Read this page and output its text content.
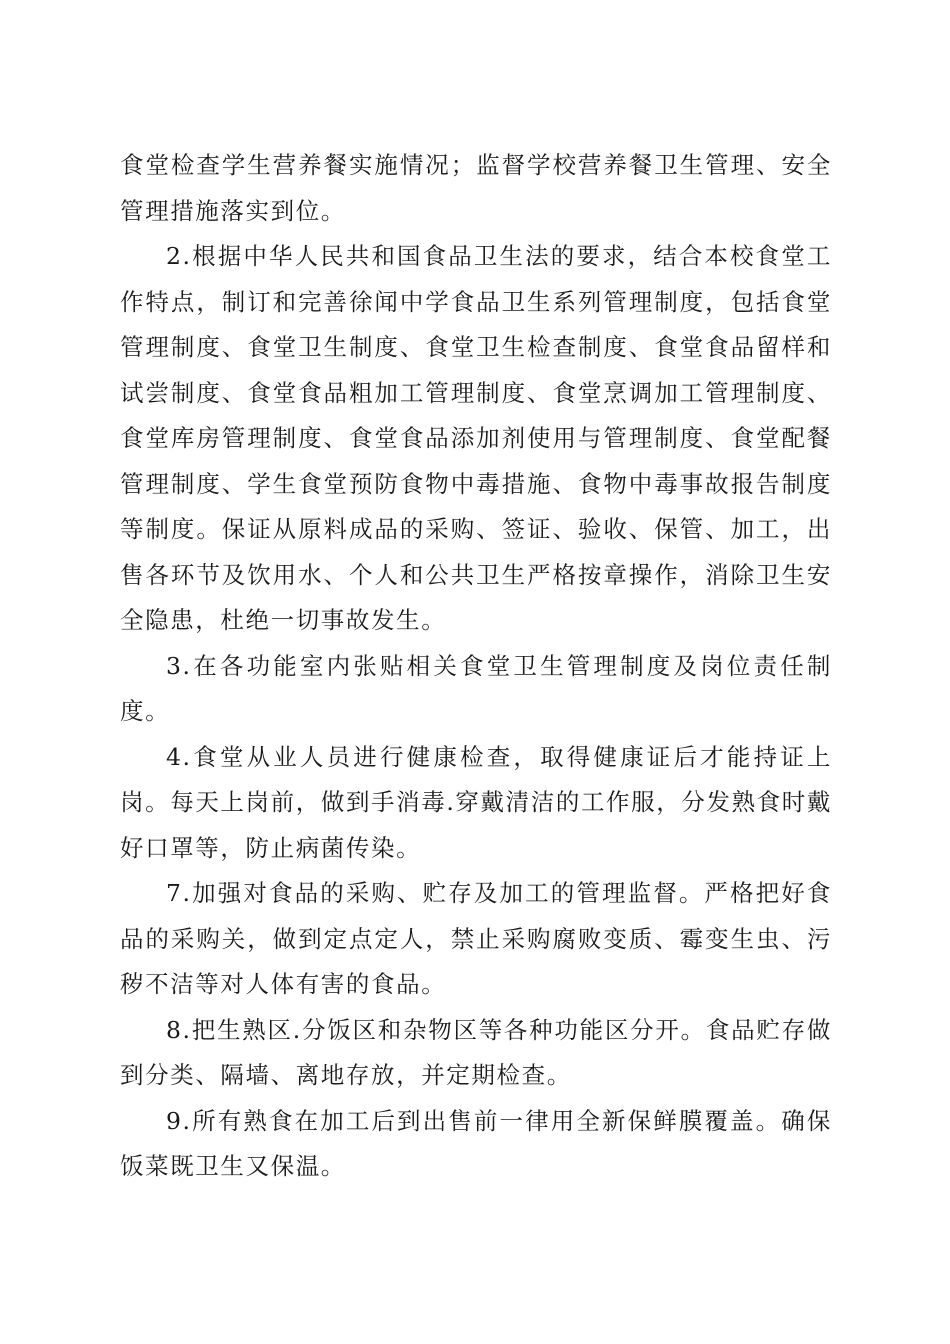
食堂检查学生营养餐实施情况；监督学校营养餐卫生管理、安全管理措施落实到位。

2.根据中华人民共和国食品卫生法的要求，结合本校食堂工作特点，制订和完善徐闻中学食品卫生系列管理制度，包括食堂管理制度、食堂卫生制度、食堂卫生检查制度、食堂食品留样和试尝制度、食堂食品粗加工管理制度、食堂烹调加工管理制度、食堂库房管理制度、食堂食品添加剂使用与管理制度、食堂配餐管理制度、学生食堂预防食物中毒措施、食物中毒事故报告制度等制度。保证从原料成品的采购、签证、验收、保管、加工，出售各环节及饮用水、个人和公共卫生严格按章操作，消除卫生安全隐患，杜绝一切事故发生。

3.在各功能室内张贴相关食堂卫生管理制度及岗位责任制度。

4.食堂从业人员进行健康检查，取得健康证后才能持证上岗。每天上岗前，做到手消毒.穿戴清洁的工作服，分发熟食时戴好口罩等，防止病菌传染。

7.加强对食品的采购、贮存及加工的管理监督。严格把好食品的采购关，做到定点定人，禁止采购腐败变质、霉变生虫、污秽不洁等对人体有害的食品。

8.把生熟区.分饭区和杂物区等各种功能区分开。食品贮存做到分类、隔墙、离地存放，并定期检查。

9.所有熟食在加工后到出售前一律用全新保鲜膜覆盖。确保饭菜既卫生又保温。
